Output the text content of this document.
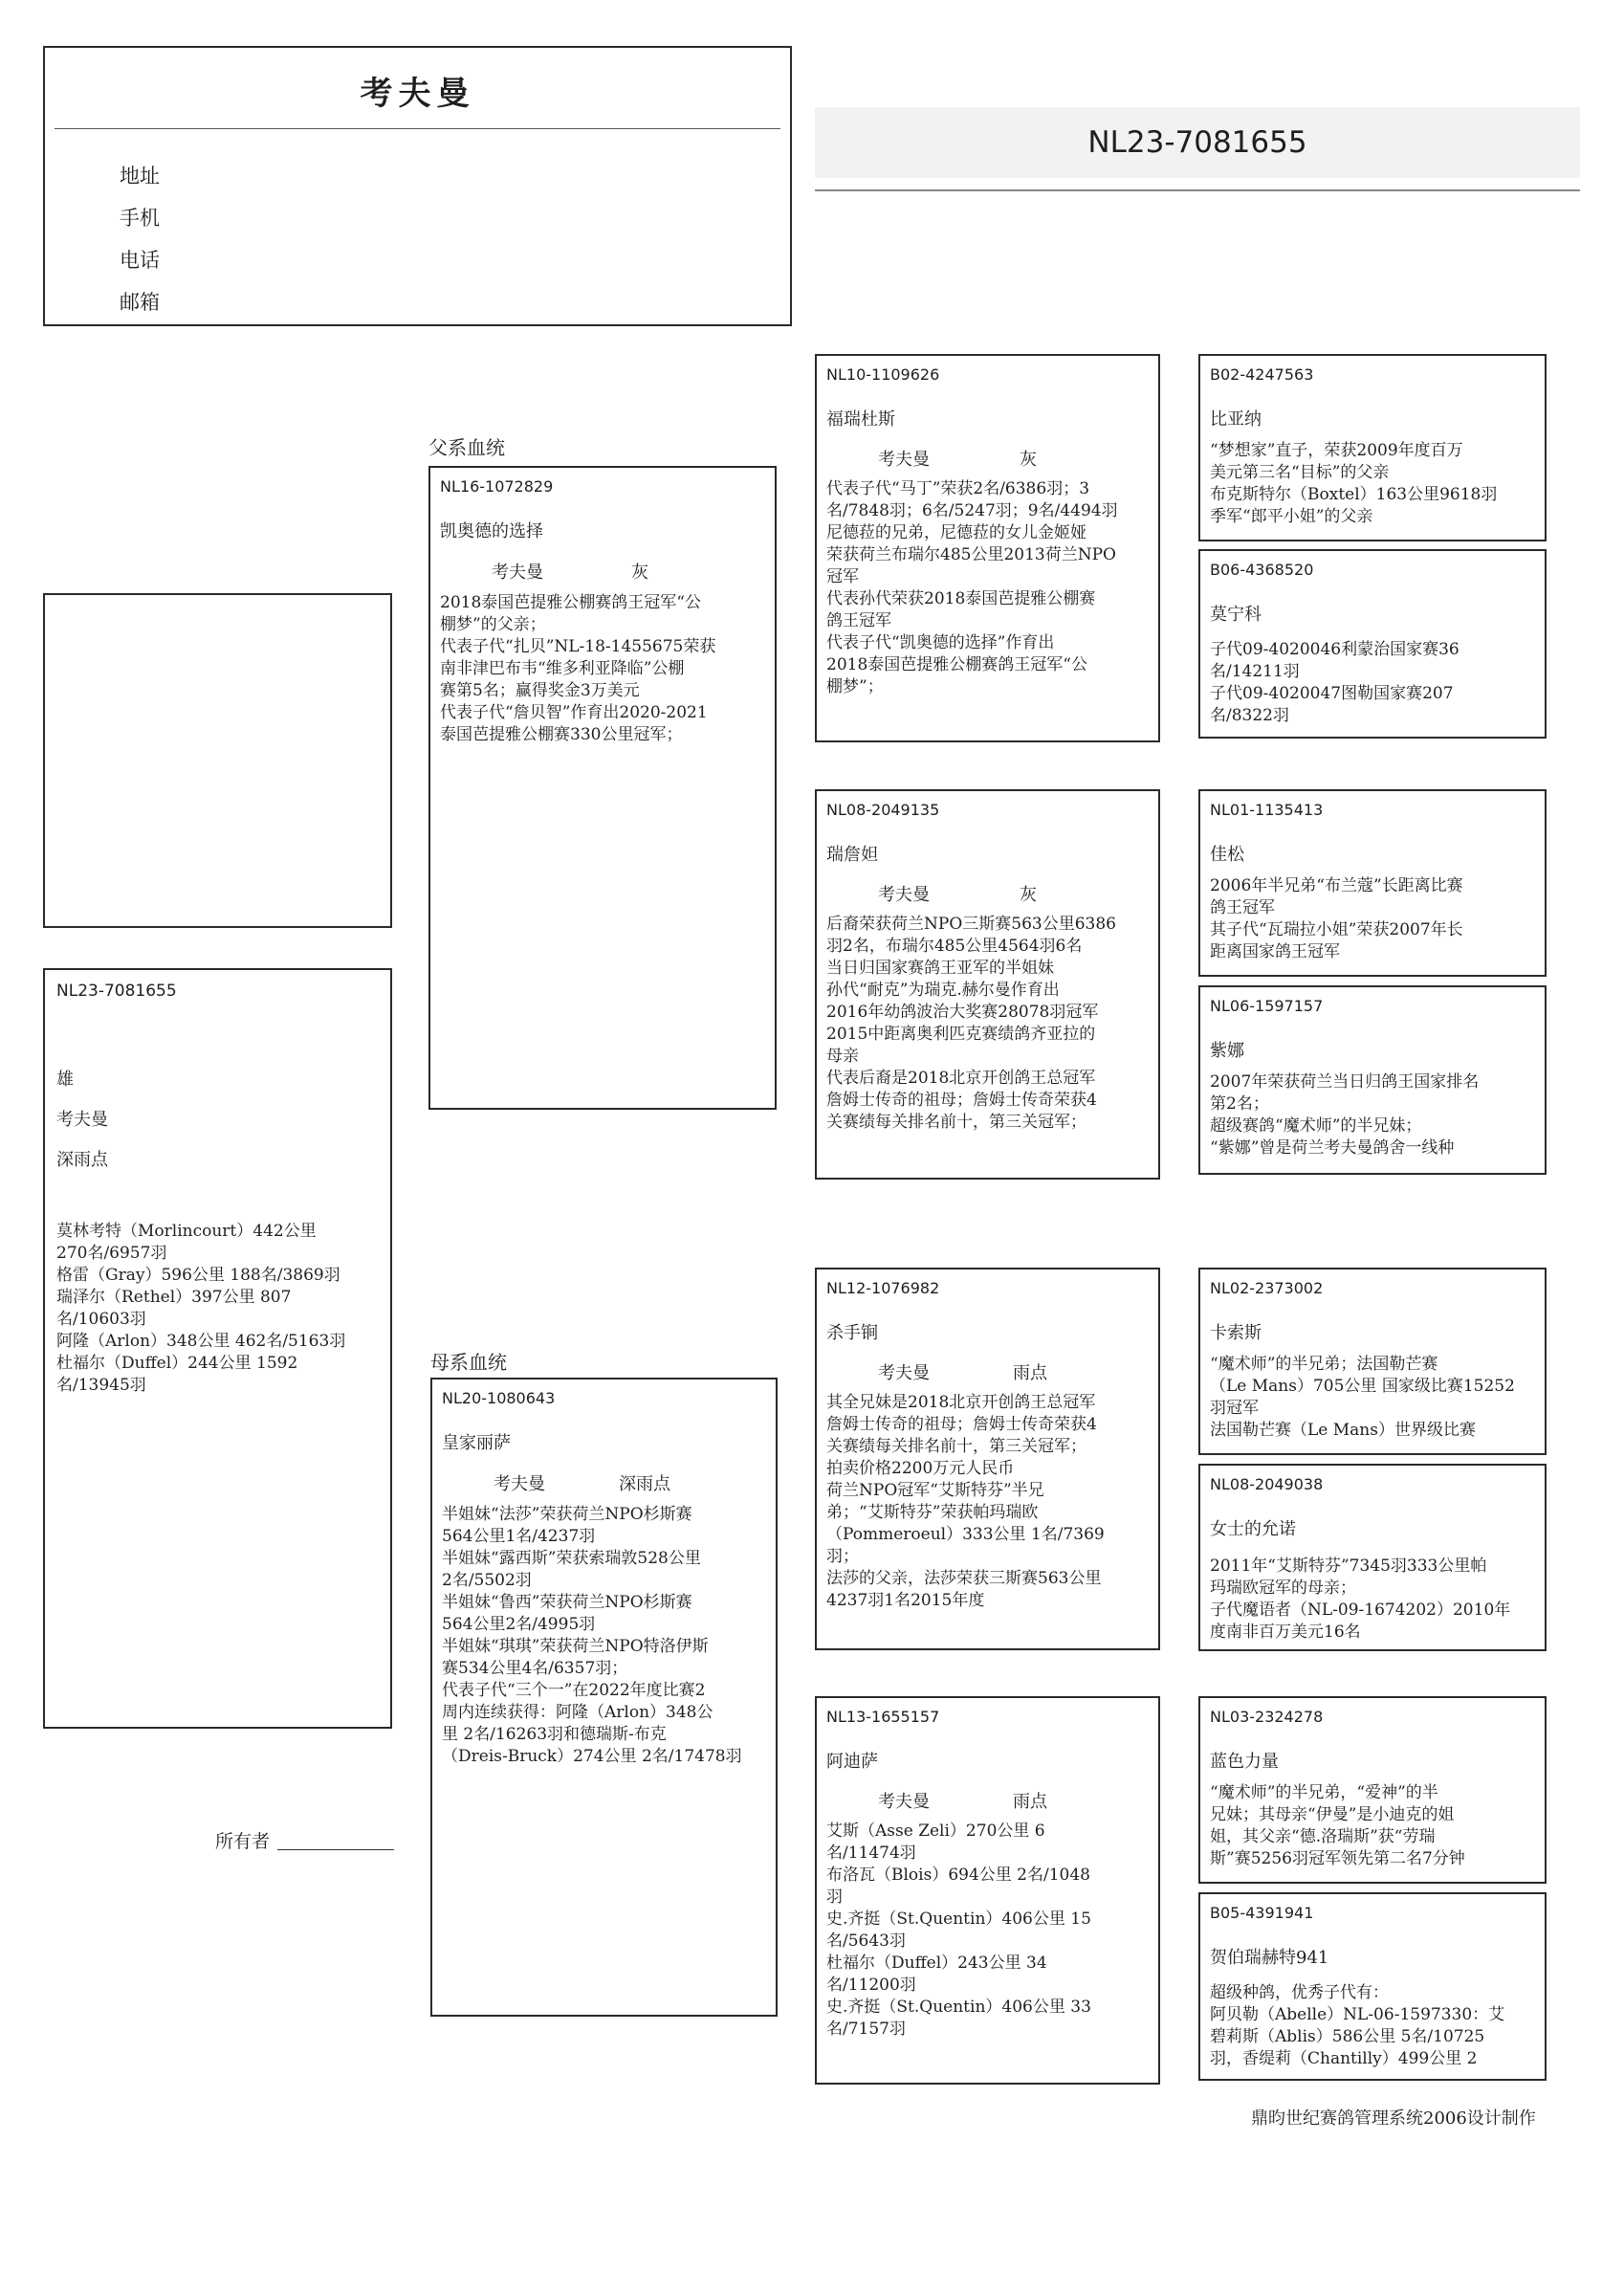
考夫曼
地址
手机
电话
邮箱
NL23-7081655
NL23-7081655
雄
考夫曼
深雨点
莫林考特（Morlincourt）442公里
270名/6957羽
格雷（Gray）596公里 188名/3869羽
瑞泽尔（Rethel）397公里 807
名/10603羽
阿隆（Arlon）348公里 462名/5163羽
杜福尔（Duffel）244公里 1592
名/13945羽
所有者
父系血统
母系血统
NL16-1072829
凯奥德的选择
考夫曼	灰
2018泰国芭提雅公棚赛鸽王冠军“公
棚梦”的父亲；
代表子代“扎贝”NL-18-1455675荣获
南非津巴布韦“维多利亚降临”公棚
赛第5名；赢得奖金3万美元
代表子代“詹贝智”作育出2020-2021
泰国芭提雅公棚赛330公里冠军；
NL20-1080643
皇家丽萨
考夫曼	深雨点
半姐妹“法莎”荣获荷兰NPO杉斯赛
564公里1名/4237羽
半姐妹“露西斯”荣获索瑞敦528公里
2名/5502羽
半姐妹“鲁西”荣获荷兰NPO杉斯赛
564公里2名/4995羽
半姐妹“琪琪”荣获荷兰NPO特洛伊斯
赛534公里4名/6357羽；
代表子代“三个一”在2022年度比赛2
周内连续获得：阿隆（Arlon）348公
里 2名/16263羽和德瑞斯-布克
（Dreis-Bruck）274公里 2名/17478羽
NL10-1109626
福瑞杜斯
考夫曼	灰
代表子代“马丁”荣获2名/6386羽；3
名/7848羽；6名/5247羽；9名/4494羽
尼德菈的兄弟，尼德菈的女儿金姬娅
荣获荷兰布瑞尔485公里2013荷兰NPO
冠军
代表孙代荣获2018泰国芭提雅公棚赛
鸽王冠军
代表子代“凯奥德的选择”作育出
2018泰国芭提雅公棚赛鸽王冠军“公
棚梦”；
NL08-2049135
瑞詹妲
考夫曼	灰
后裔荣获荷兰NPO三斯赛563公里6386
羽2名，布瑞尔485公里4564羽6名
当日归国家赛鸽王亚军的半姐妹
孙代“耐克”为瑞克.赫尔曼作育出
2016年幼鸽波治大奖赛28078羽冠军
2015中距离奥利匹克赛绩鸽齐亚拉的
母亲
代表后裔是2018北京开创鸽王总冠军
詹姆士传奇的祖母；詹姆士传奇荣获4
关赛绩每关排名前十，第三关冠军；
NL12-1076982
杀手锏
考夫曼	雨点
其全兄妹是2018北京开创鸽王总冠军
詹姆士传奇的祖母；詹姆士传奇荣获4
关赛绩每关排名前十，第三关冠军；
拍卖价格2200万元人民币
荷兰NPO冠军“艾斯特芬”半兄
弟；“艾斯特芬”荣获帕玛瑞欧
（Pommeroeul）333公里 1名/7369
羽；
法莎的父亲，法莎荣获三斯赛563公里
4237羽1名2015年度
NL13-1655157
阿迪萨
考夫曼	雨点
艾斯（Asse Zeli）270公里 6
名/11474羽
布洛瓦（Blois）694公里 2名/1048
羽
史.齐挺（St.Quentin）406公里 15
名/5643羽
杜福尔（Duffel）243公里 34
名/11200羽
史.齐挺（St.Quentin）406公里 33
名/7157羽
B02-4247563
比亚纳
“梦想家”直子，荣获2009年度百万
美元第三名“目标”的父亲
布克斯特尔（Boxtel）163公里9618羽
季军“郎平小姐”的父亲
B06-4368520
莫宁科
子代09-4020046利蒙治国家赛36
名/14211羽
子代09-4020047图勒国家赛207
名/8322羽
NL01-1135413
佳松
2006年半兄弟“布兰蔻”长距离比赛
鸽王冠军
其子代“瓦瑞拉小姐”荣获2007年长
距离国家鸽王冠军
NL06-1597157
紫娜
2007年荣获荷兰当日归鸽王国家排名
第2名；
超级赛鸽“魔术师”的半兄妹；
“紫娜”曾是荷兰考夫曼鸽舍一线种
NL02-2373002
卡索斯
“魔术师”的半兄弟；法国勒芒赛
（Le Mans）705公里 国家级比赛15252
羽冠军
法国勒芒赛（Le Mans）世界级比赛
NL08-2049038
女士的允诺
2011年“艾斯特芬”7345羽333公里帕
玛瑞欧冠军的母亲；
子代魔语者（NL-09-1674202）2010年
度南非百万美元16名
NL03-2324278
蓝色力量
“魔术师”的半兄弟，“爱神”的半
兄妹；其母亲“伊曼”是小迪克的姐
姐，其父亲“德.洛瑞斯”获“劳瑞
斯”赛5256羽冠军领先第二名7分钟
B05-4391941
贺伯瑞赫特941
超级种鸽，优秀子代有：
阿贝勒（Abelle）NL-06-1597330：艾
碧莉斯（Ablis）586公里 5名/10725
羽，香缇莉（Chantilly）499公里 2
鼎昀世纪赛鸽管理系统2006设计制作
